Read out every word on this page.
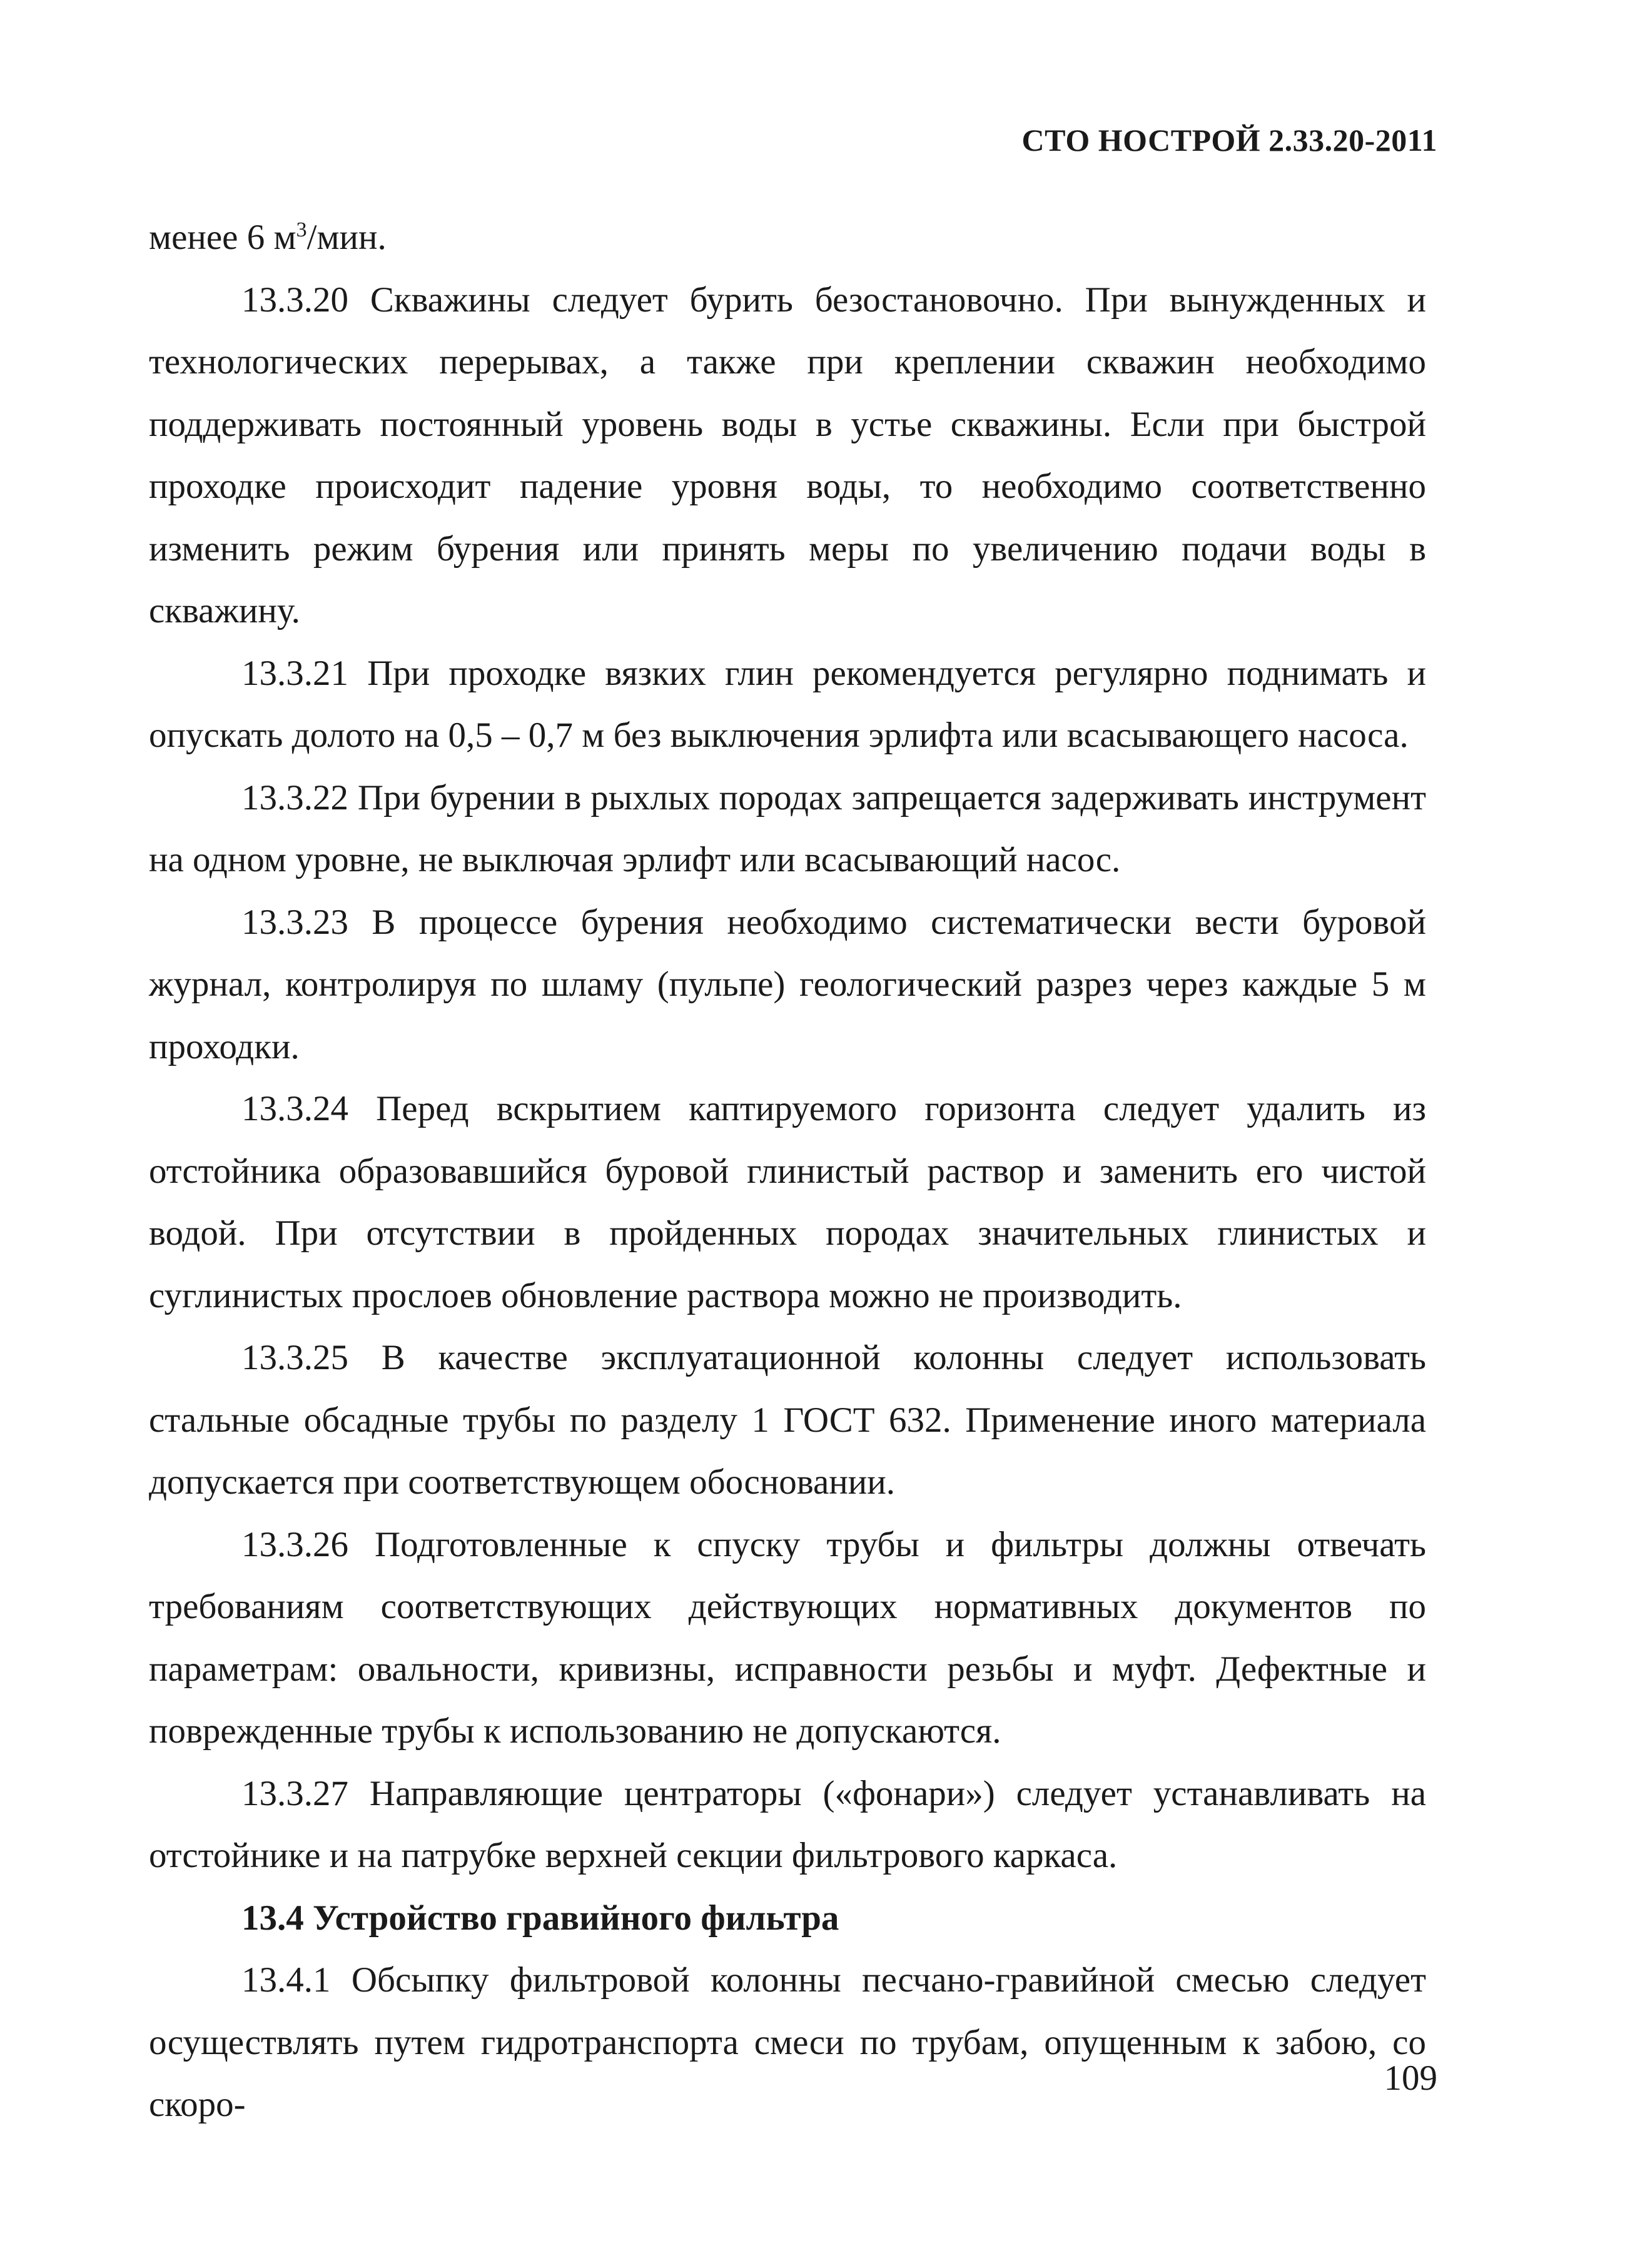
СТО НОСТРОЙ 2.33.20-2011

менее 6 $м^3$/мин.

13.3.20 Скважины следует бурить безостановочно. При вынужденных и технологических перерывах, а также при креплении скважин необходимо поддерживать постоянный уровень воды в устье скважины. Если при быстрой проходке происходит падение уровня воды, то необходимо соответственно изменить режим бурения или принять меры по увеличению подачи воды в скважину.

13.3.21 При проходке вязких глин рекомендуется регулярно поднимать и опускать долото на 0,5 – 0,7 м без выключения эрлифта или всасывающего насоса.

13.3.22 При бурении в рыхлых породах запрещается задерживать инструмент на одном уровне, не выключая эрлифт или всасывающий насос.

13.3.23 В процессе бурения необходимо систематически вести буровой журнал, контролируя по шламу (пульпе) геологический разрез через каждые 5 м проходки.

13.3.24 Перед вскрытием каптируемого горизонта следует удалить из отстойника образовавшийся буровой глинистый раствор и заменить его чистой водой. При отсутствии в пройденных породах значительных глинистых и суглинистых прослоев обновление раствора можно не производить.

13.3.25 В качестве эксплуатационной колонны следует использовать стальные обсадные трубы по разделу 1 ГОСТ 632. Применение иного материала допускается при соответствующем обосновании.

13.3.26 Подготовленные к спуску трубы и фильтры должны отвечать требованиям соответствующих действующих нормативных документов по параметрам: овальности, кривизны, исправности резьбы и муфт. Дефектные и поврежденные трубы к использованию не допускаются.

13.3.27 Направляющие центраторы («фонари») следует устанавливать на отстойнике и на патрубке верхней секции фильтрового каркаса.

13.4 Устройство гравийного фильтра

13.4.1 Обсыпку фильтровой колонны песчано-гравийной смесью следует осуществлять путем гидротранспорта смеси по трубам, опущенным к забою, со скоро-

109
